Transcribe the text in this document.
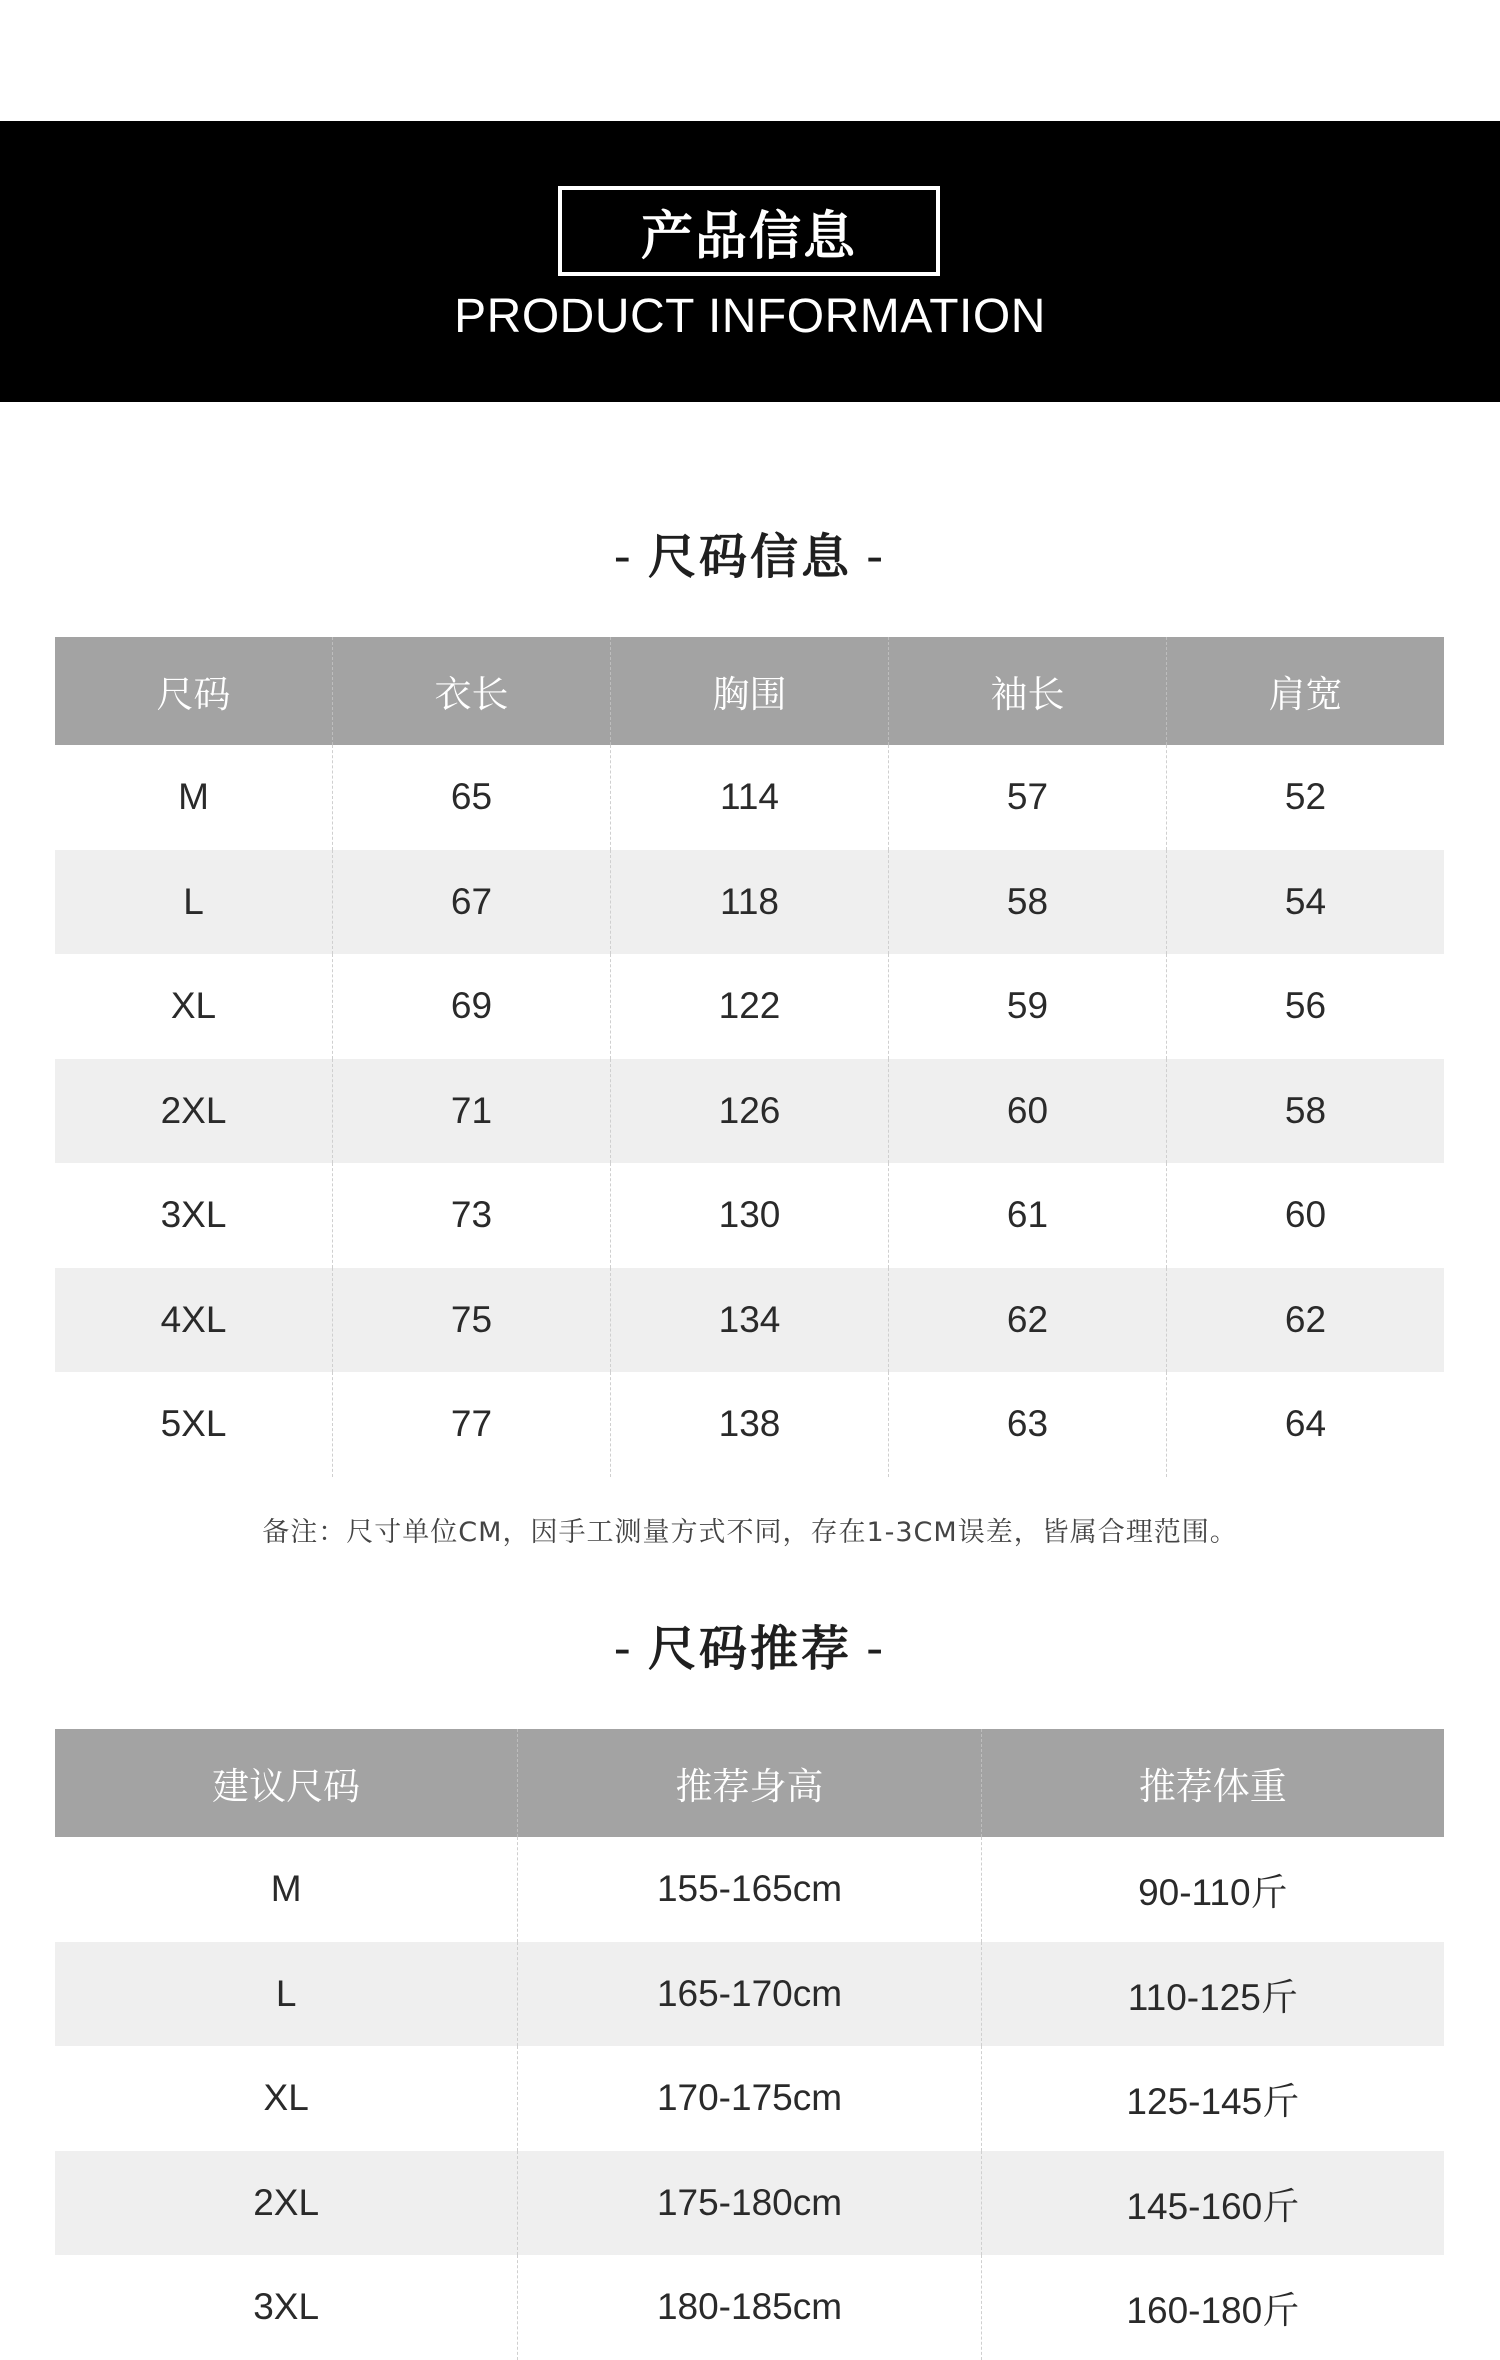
产品信息
PRODUCT INFORMATION
- 尺码信息 -
尺码	衣长	胸围	袖长	肩宽
M	65	114	57	52
L	67	118	58	54
XL	69	122	59	56
2XL	71	126	60	58
3XL	73	130	61	60
4XL	75	134	62	62
5XL	77	138	63	64
备注：尺寸单位CM，因手工测量方式不同，存在1-3CM误差，皆属合理范围。
- 尺码推荐 -
建议尺码	推荐身高	推荐体重
M	155-165cm	90-110斤
L	165-170cm	110-125斤
XL	170-175cm	125-145斤
2XL	175-180cm	145-160斤
3XL	180-185cm	160-180斤
